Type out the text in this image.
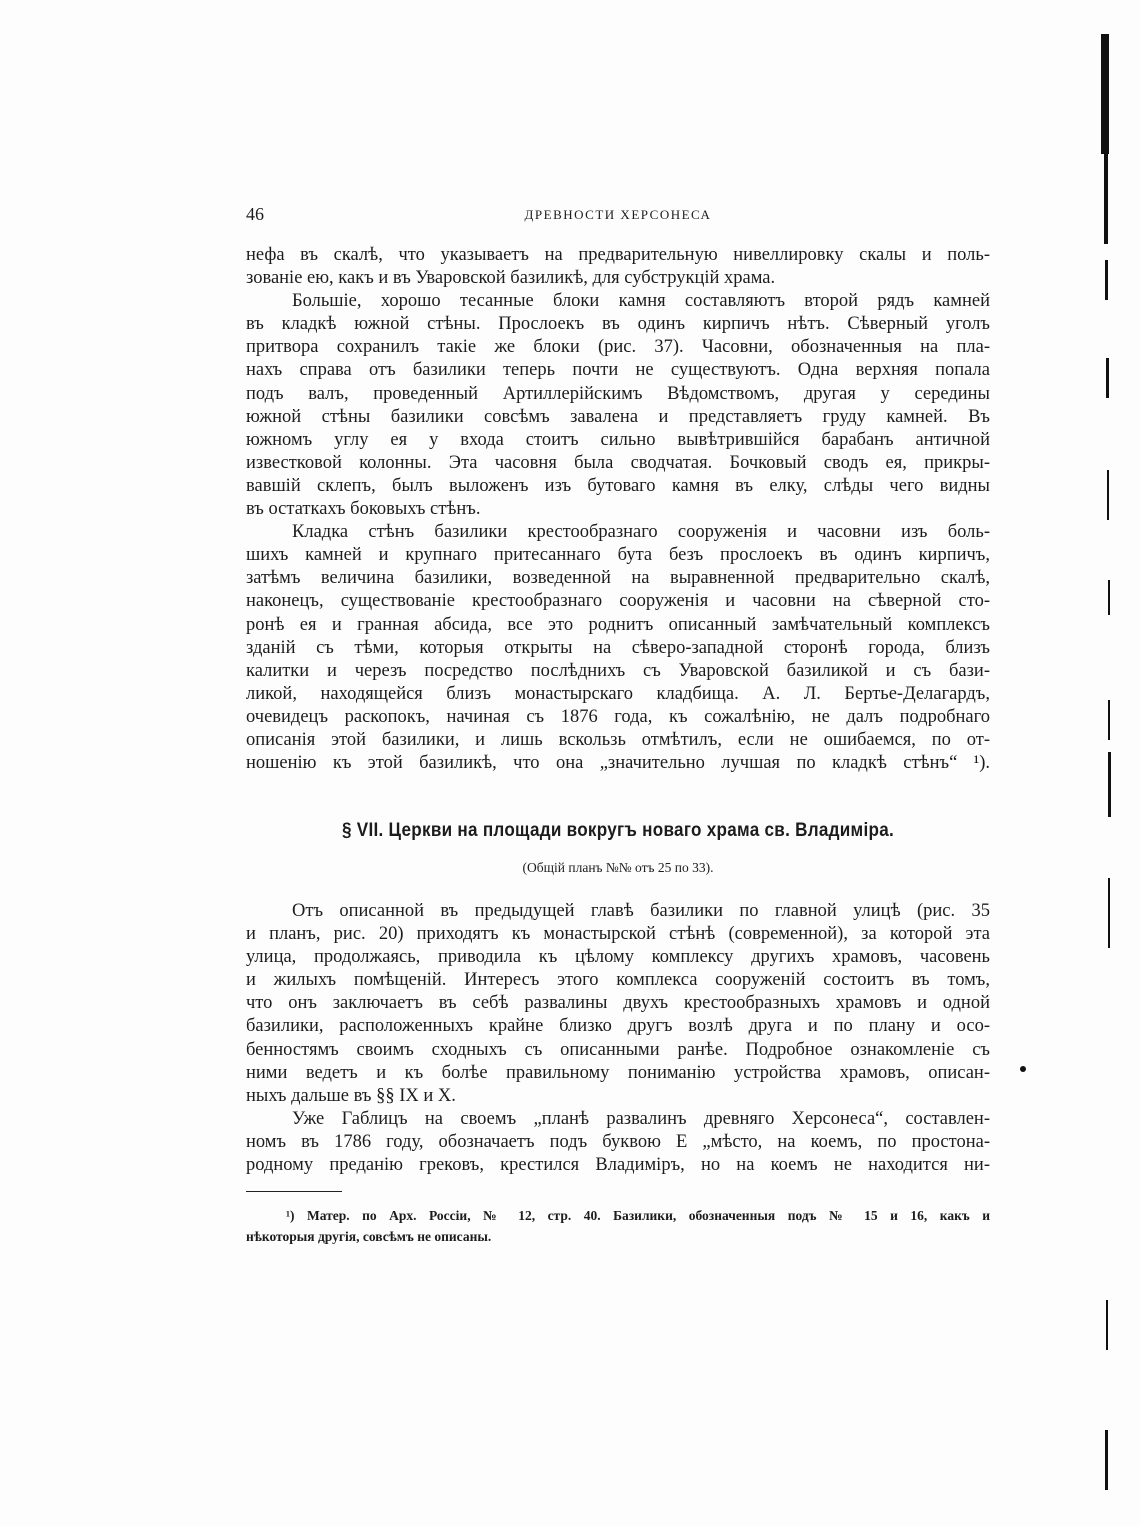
46	ДРЕВНОСТИ ХЕРСОНЕСА
нефа въ скалѣ, что указываетъ на предварительную нивеллировку скалы и поль-
зованіе ею, какъ и въ Уваровской базиликѣ, для субструкцій храма.
Большіе, хорошо тесанные блоки камня составляютъ второй рядъ камней
въ кладкѣ южной стѣны. Прослоекъ въ одинъ кирпичъ нѣтъ. Сѣверный уголъ
притвора сохранилъ такіе же блоки (рис. 37). Часовни, обозначенныя на пла-
нахъ справа отъ базилики теперь почти не существуютъ. Одна верхняя попала
подъ валъ, проведенный Артиллерійскимъ Вѣдомствомъ, другая у середины
южной стѣны базилики совсѣмъ завалена и представляетъ груду камней. Въ
южномъ углу ея у входа стоитъ сильно вывѣтрившійся барабанъ античной
известковой колонны. Эта часовня была сводчатая. Бочковый сводъ ея, прикры-
вавшій склепъ, былъ выложенъ изъ бутоваго камня въ елку, слѣды чего видны
въ остаткахъ боковыхъ стѣнъ.
Кладка стѣнъ базилики крестообразнаго сооруженія и часовни изъ боль-
шихъ камней и крупнаго притесаннаго бута безъ прослоекъ въ одинъ кирпичъ,
затѣмъ величина базилики, возведенной на выравненной предварительно скалѣ,
наконецъ, существованіе крестообразнаго сооруженія и часовни на сѣверной сто-
ронѣ ея и гранная абсида, все это роднитъ описанный замѣчательный комплексъ
зданій съ тѣми, которыя открыты на сѣверо-западной сторонѣ города, близъ
калитки и черезъ посредство послѣднихъ съ Уваровской базиликой и съ бази-
ликой, находящейся близъ монастырскаго кладбища. А. Л. Бертье-Делагардъ,
очевидецъ раскопокъ, начиная съ 1876 года, къ сожалѣнію, не далъ подробнаго
описанія этой базилики, и лишь вскользь отмѣтилъ, если не ошибаемся, по от-
ношенію къ этой базиликѣ, что она „значительно лучшая по кладкѣ стѣнъ“ ¹).
§ VII. Церкви на площади вокругъ новаго храма св. Владиміра.
(Общій планъ №№ отъ 25 по 33).
Отъ описанной въ предыдущей главѣ базилики по главной улицѣ (рис. 35
и планъ, рис. 20) приходятъ къ монастырской стѣнѣ (современной), за которой эта
улица, продолжаясь, приводила къ цѣлому комплексу другихъ храмовъ, часовень
и жилыхъ помѣщеній. Интересъ этого комплекса сооруженій состоитъ въ томъ,
что онъ заключаетъ въ себѣ развалины двухъ крестообразныхъ храмовъ и одной
базилики, расположенныхъ крайне близко другъ возлѣ друга и по плану и осо-
бенностямъ своимъ сходныхъ съ описанными ранѣе. Подробное ознакомленіе съ
ними ведетъ и къ болѣе правильному пониманію устройства храмовъ, описан-
ныхъ дальше въ §§ IX и X.
Уже Габлицъ на своемъ „планѣ развалинъ древняго Херсонеса“, составлен-
номъ въ 1786 году, обозначаетъ подъ буквою Е „мѣсто, на коемъ, по простона-
родному преданію грековъ, крестился Владиміръ, но на коемъ не находится ни-
¹) Матер. по Арх. Россіи, № 12, стр. 40. Базилики, обозначенныя подъ № 15 и 16, какъ и
нѣкоторыя другія, совсѣмъ не описаны.
